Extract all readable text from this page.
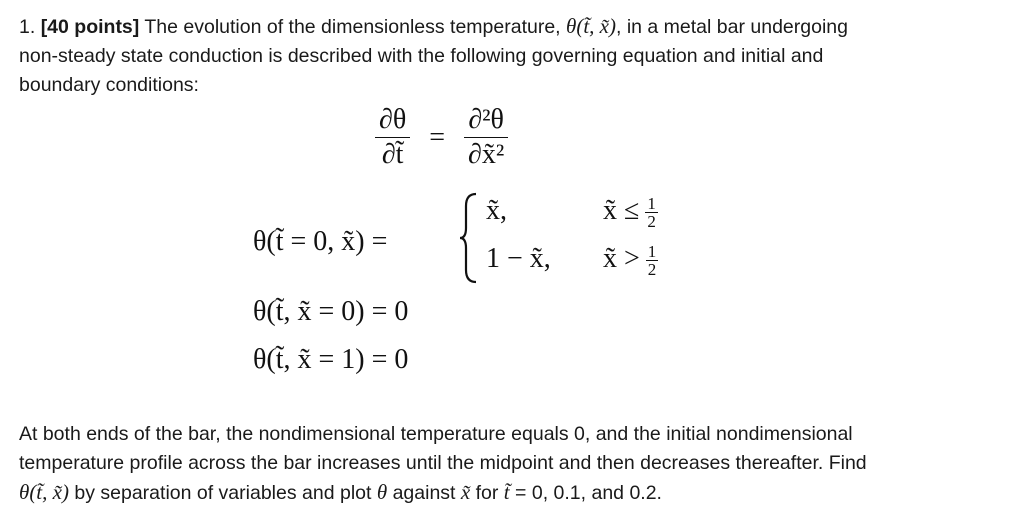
1. [40 points] The evolution of the dimensionless temperature, θ(t̃, x̃), in a metal bar undergoing
non-steady state conduction is described with the following governing equation and initial and
boundary conditions:
$\frac{\partial\theta}{\partial t̃} = \frac{\text{∂²θ}}{\text{∂x̃²}}$
θ(t̃ = 0, x̃) =
x̃,	x̃ ≤ $\frac{1}{2}$
1 − x̃, x̃ > $\frac{1}{2}$
θ(t̃, x̃ = 0) = 0
θ(t̃, x̃ = 1) = 0
At both ends of the bar, the nondimensional temperature equals 0, and the initial nondimensional
temperature profile across the bar increases until the midpoint and then decreases thereafter. Find
θ(t̃, x̃) by separation of variables and plot θ against x̃ for t̃ = 0, 0.1, and 0.2.
